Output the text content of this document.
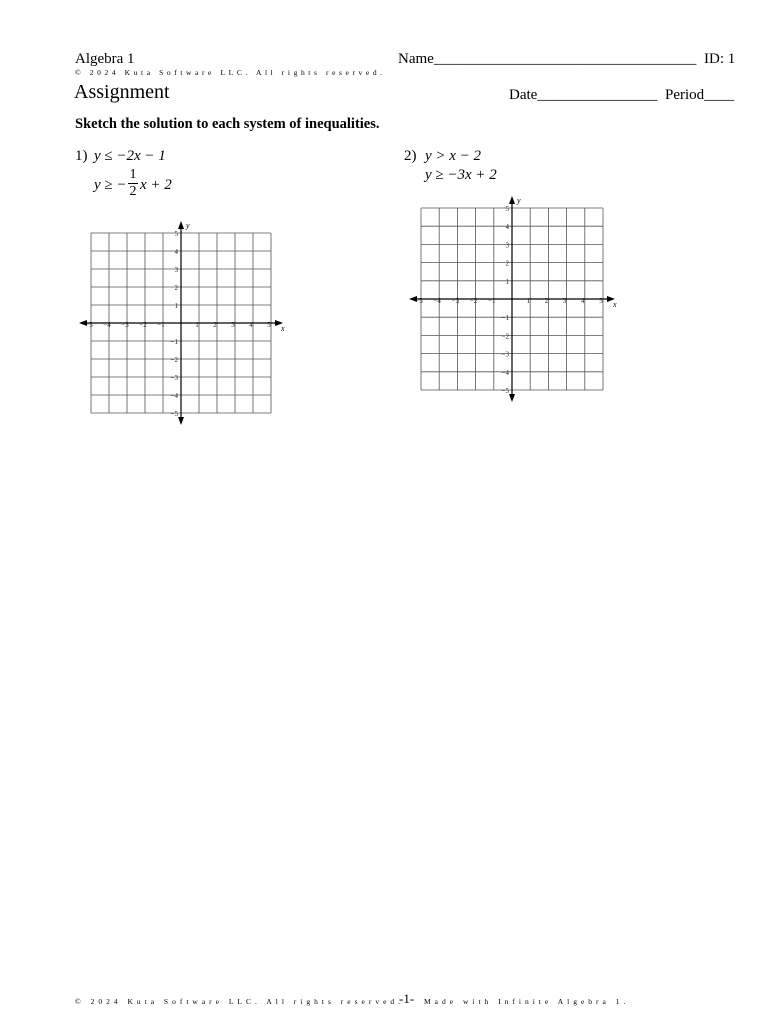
Algebra 1	Name___________________________________ ID: 1
© 2024 Kuta Software LLC. All rights reserved.
Assignment	Date________________ Period____
Sketch the solution to each system of inequalities.
1) y ≤ −2x − 1
y ≥ −
1
2 x + 2
2) y > x − 2
y ≥ −3x + 2
−5 −4 −3 −2 −1	1 2 3 4 5
5
4
3
2
1
−1
−2
−3
−4
−5
x
y
−5 −4 −3 −2 −1	1 2 3 4 5
5
4
3
2
1
−1
−2
−3
−4
−5
x
y
© 2024 Kuta Software LLC. All rights reserved.
-1- Made with Infinite Algebra 1.
